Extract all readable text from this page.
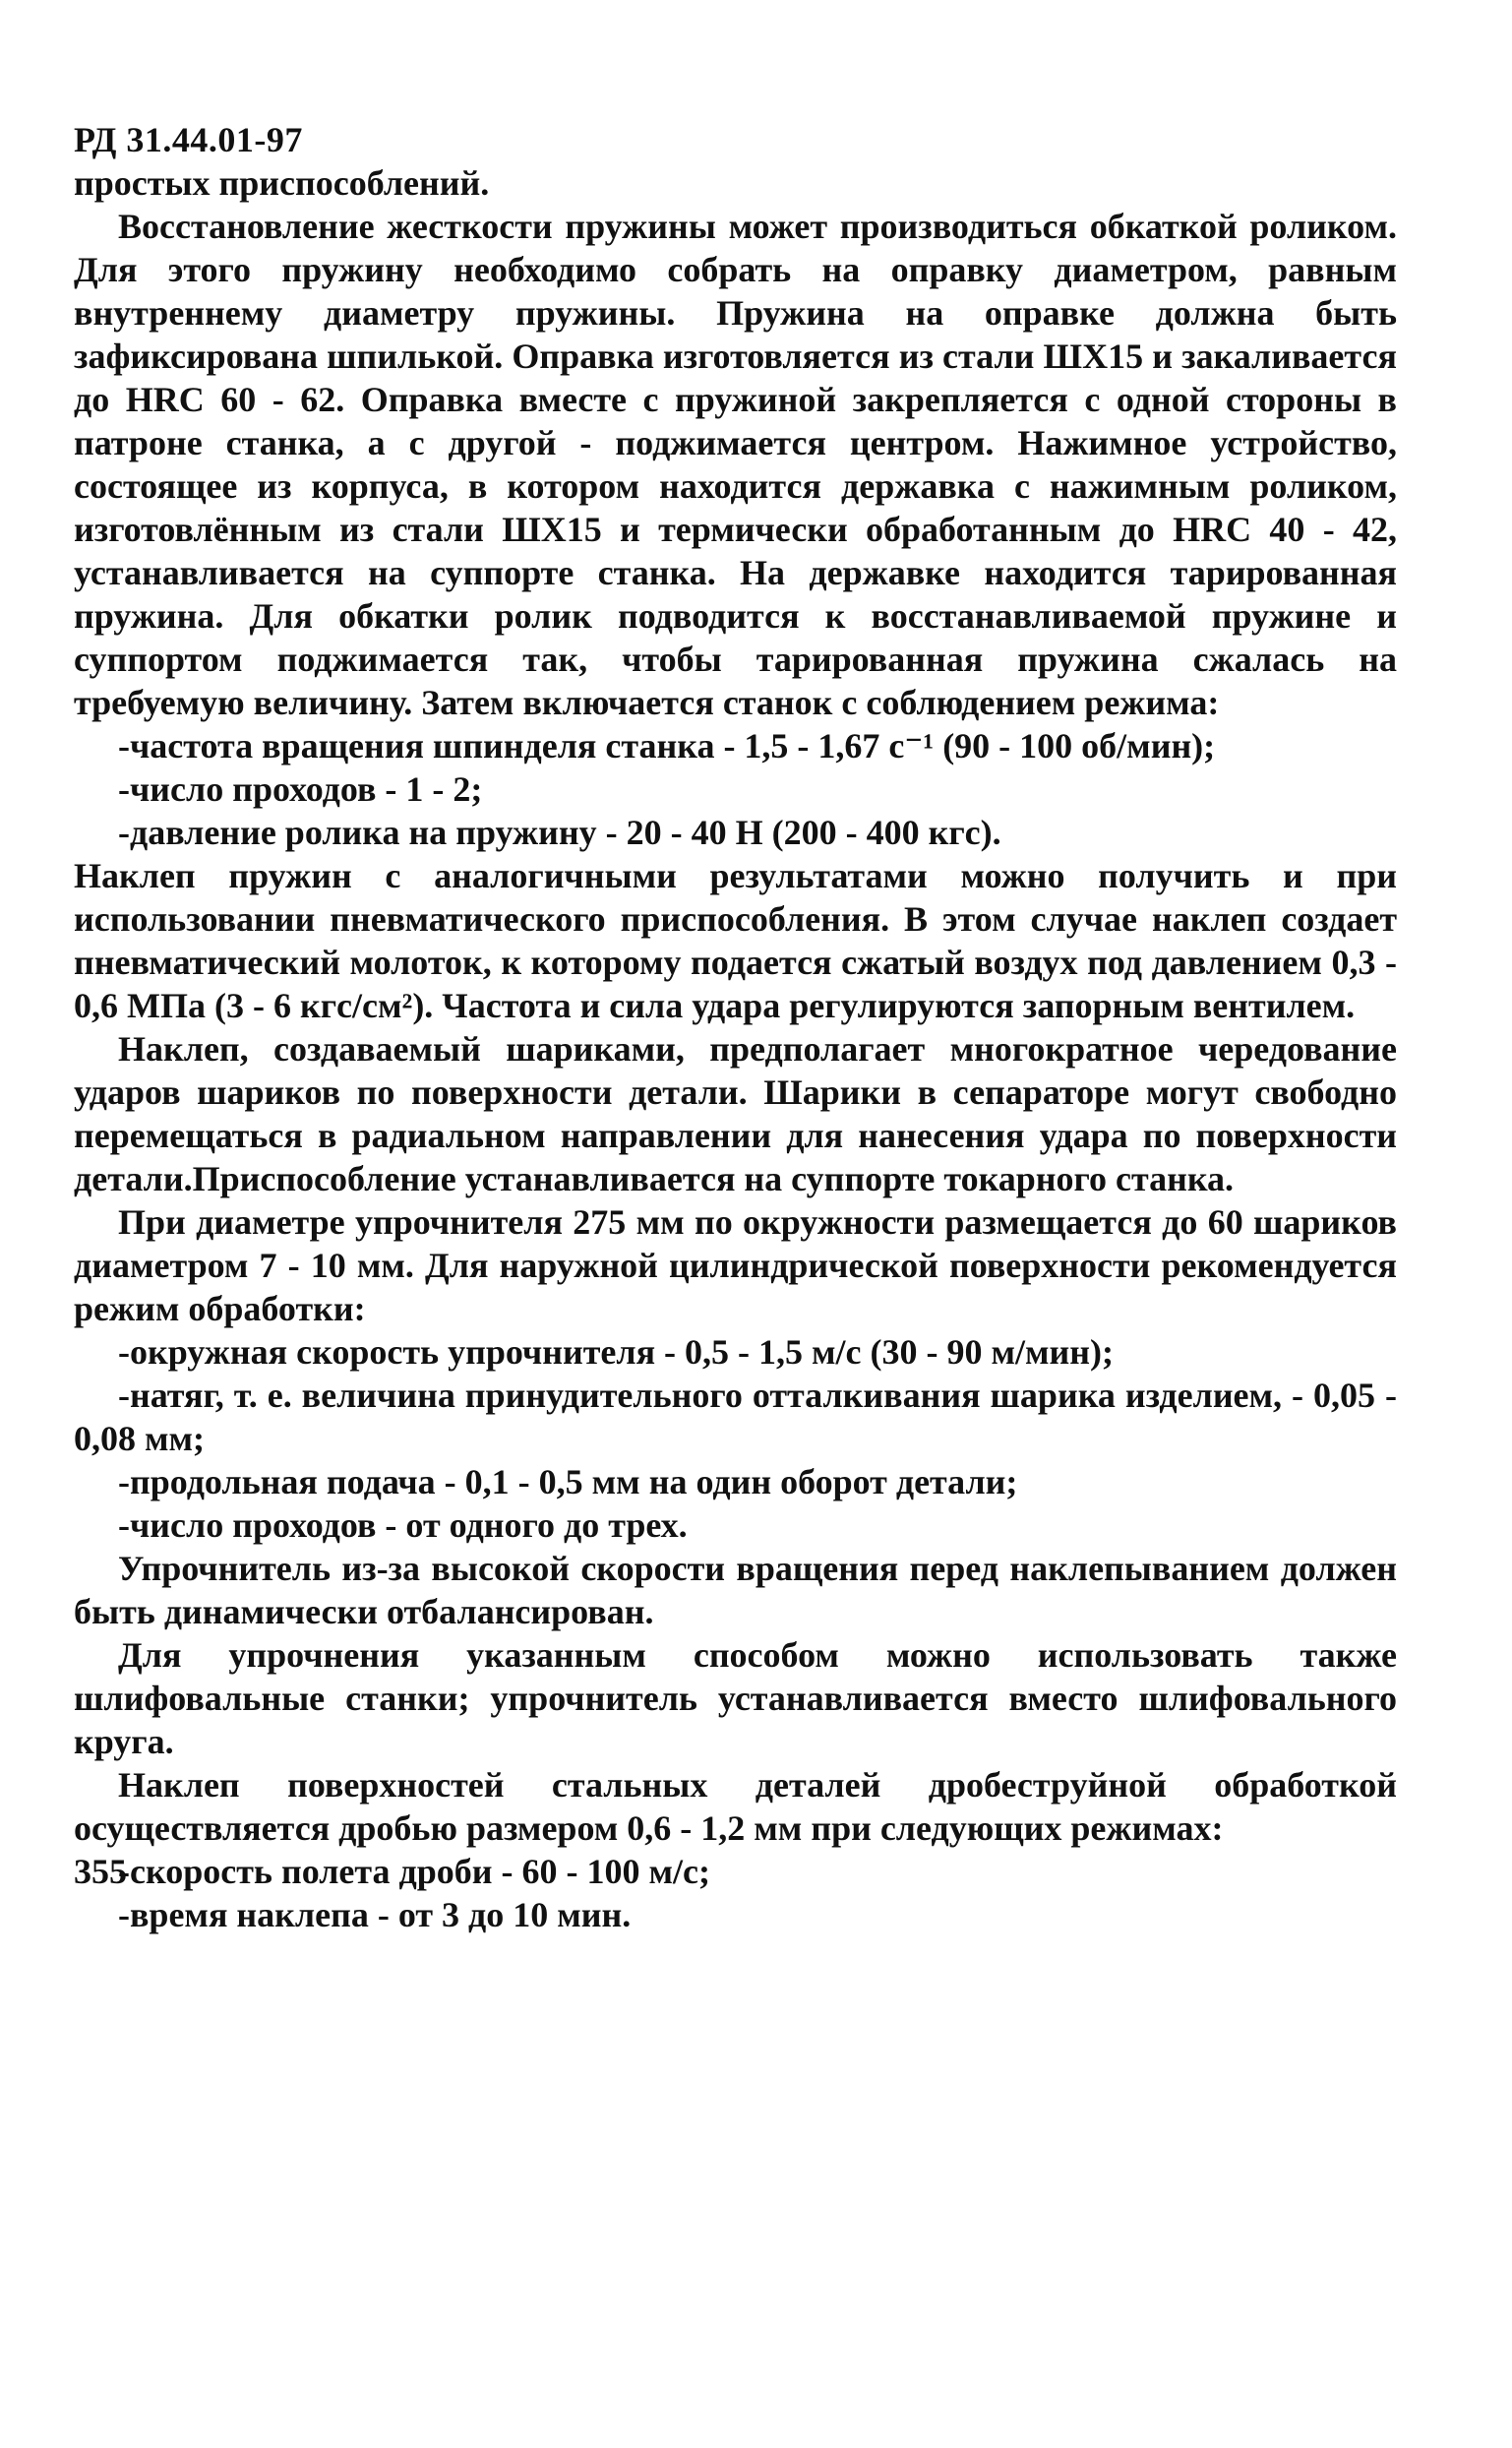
РД 31.44.01-97

простых приспособлений.

Восстановление жесткости пружины может производиться обкаткой роликом. Для этого пружину необходимо собрать на оправку диаметром, равным внутреннему диаметру пружины. Пружина на оправке должна быть зафиксирована шпилькой. Оправка изготовляется из стали ШХ15 и закаливается до HRC 60 - 62. Оправка вместе с пружиной закрепляется с одной стороны в патроне станка, а с другой - поджимается центром. Нажимное устройство, состоящее из корпуса, в котором находится державка с нажимным роликом, изготовлённым из стали ШХ15 и термически обработанным до HRC 40 - 42, устанавливается на суппорте станка. На державке находится тарированная пружина. Для обкатки ролик подводится к восстанавливаемой пружине и суппортом поджимается так, чтобы тарированная пружина сжалась на требуемую величину. Затем включается станок с соблюдением режима:

-частота вращения шпинделя станка - 1,5 - 1,67 с⁻¹ (90 - 100 об/мин);

-число проходов - 1 - 2;

-давление ролика на пружину - 20 - 40 Н (200 - 400 кгс).

Наклеп пружин с аналогичными результатами можно получить и при использовании пневматического приспособления. В этом случае наклеп создает пневматический молоток, к которому подается сжатый воздух под давлением 0,3 - 0,6 МПа (3 - 6 кгс/см²). Частота и сила удара регулируются запорным вентилем.

Наклеп, создаваемый шариками, предполагает многократное чередование ударов шариков по поверхности детали. Шарики в сепараторе могут свободно перемещаться в радиальном направлении для нанесения удара по поверхности детали.Приспособление устанавливается на суппорте токарного станка.

При диаметре упрочнителя 275 мм по окружности размещается до 60 шариков диаметром 7 - 10 мм. Для наружной цилиндрической поверхности рекомендуется режим обработки:

-окружная скорость упрочнителя - 0,5 - 1,5 м/с (30 - 90 м/мин);

-натяг, т. е. величина принудительного отталкивания шарика изделием, - 0,05 - 0,08 мм;

-продольная подача - 0,1 - 0,5 мм на один оборот детали;

-число проходов - от одного до трех.

Упрочнитель из-за высокой скорости вращения перед наклепыванием должен быть динамически отбалансирован.

Для упрочнения указанным способом можно использовать также шлифовальные станки; упрочнитель устанавливается вместо шлифовального круга.

Наклеп поверхностей стальных деталей дробеструйной обработкой осуществляется дробью размером 0,6 - 1,2 мм при следующих режимах:

-скорость полета дроби - 60 - 100 м/с;

-время наклепа - от 3 до 10 мин.

355
